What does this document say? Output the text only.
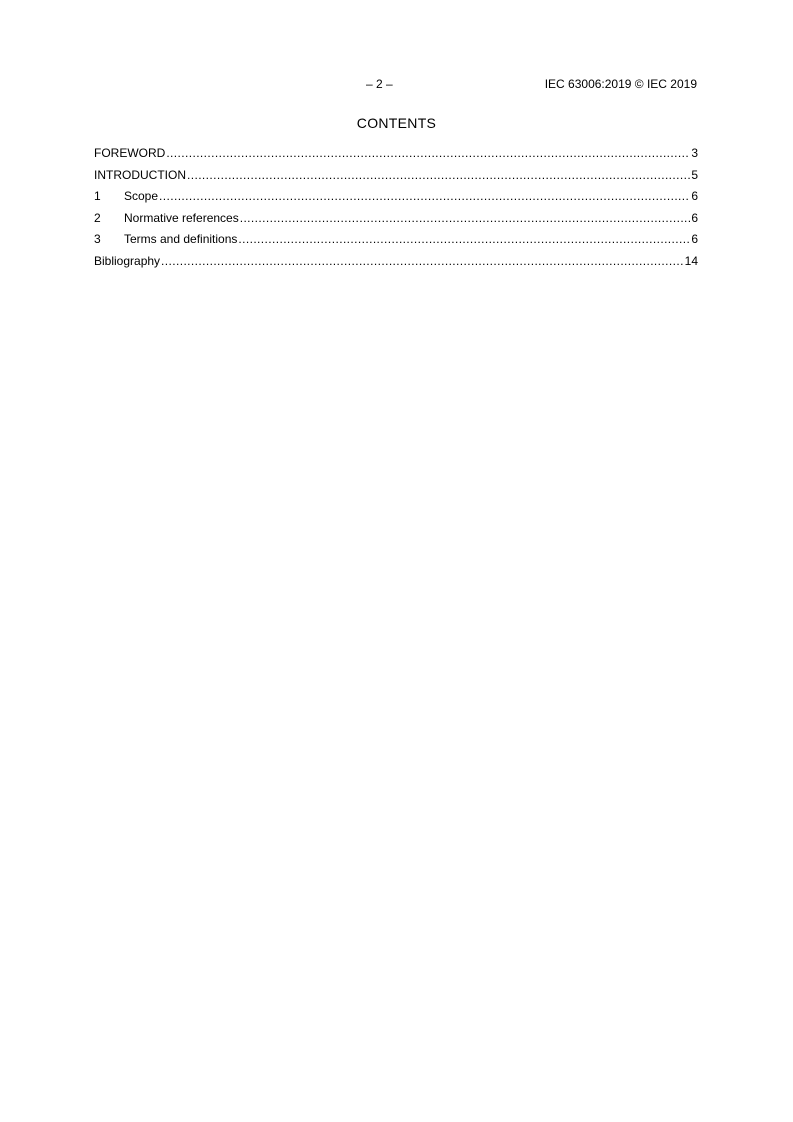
– 2 –	IEC 63006:2019 © IEC 2019
CONTENTS
FOREWORD .....	3
INTRODUCTION .....	5
1	Scope .....	6
2	Normative references .....	6
3	Terms and definitions .....	6
Bibliography .....	14
